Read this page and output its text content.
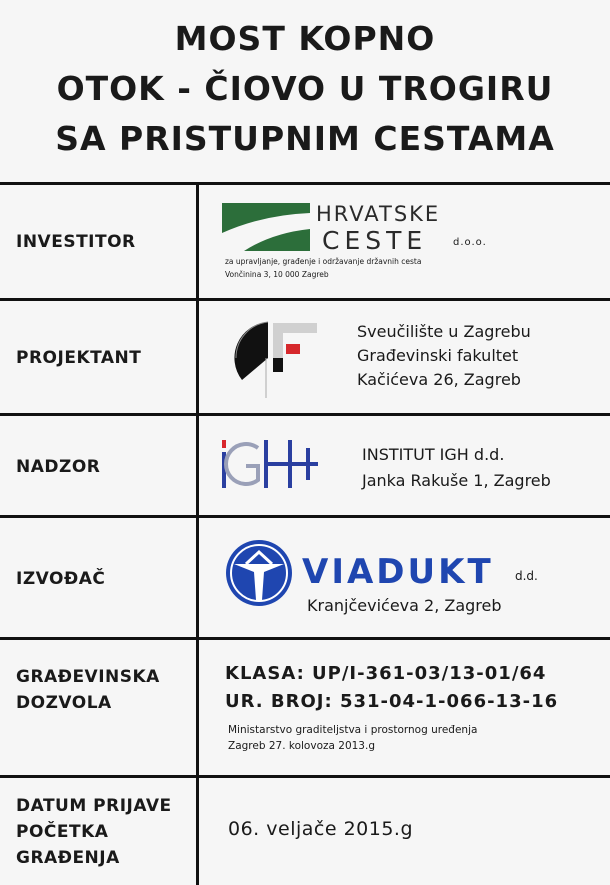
MOST KOPNO
OTOK - ČIOVO U TROGIRU
SA PRISTUPNIM CESTAMA
INVESTITOR
HRVATSKE
CESTE	d.o.o.
za upravljanje, građenje i održavanje državnih cesta
Vončinina 3, 10 000 Zagreb
PROJEKTANT
Sveučilište u Zagrebu
Građevinski fakultet
Kačićeva 26, Zagreb
NADZOR
INSTITUT IGH d.d.
Janka Rakuše 1, Zagreb
IZVOĐAČ	VIADUKT d.d.
Kranjčevićeva 2, Zagreb
GRAĐEVINSKA
DOZVOLA
KLASA: UP/I-361-03/13-01/64
UR. BROJ: 531-04-1-066-13-16
Ministarstvo graditeljstva i prostornog uređenja
Zagreb 27. kolovoza 2013.g
DATUM PRIJAVE
POČETKA
GRAĐENJA
06. veljače 2015.g
